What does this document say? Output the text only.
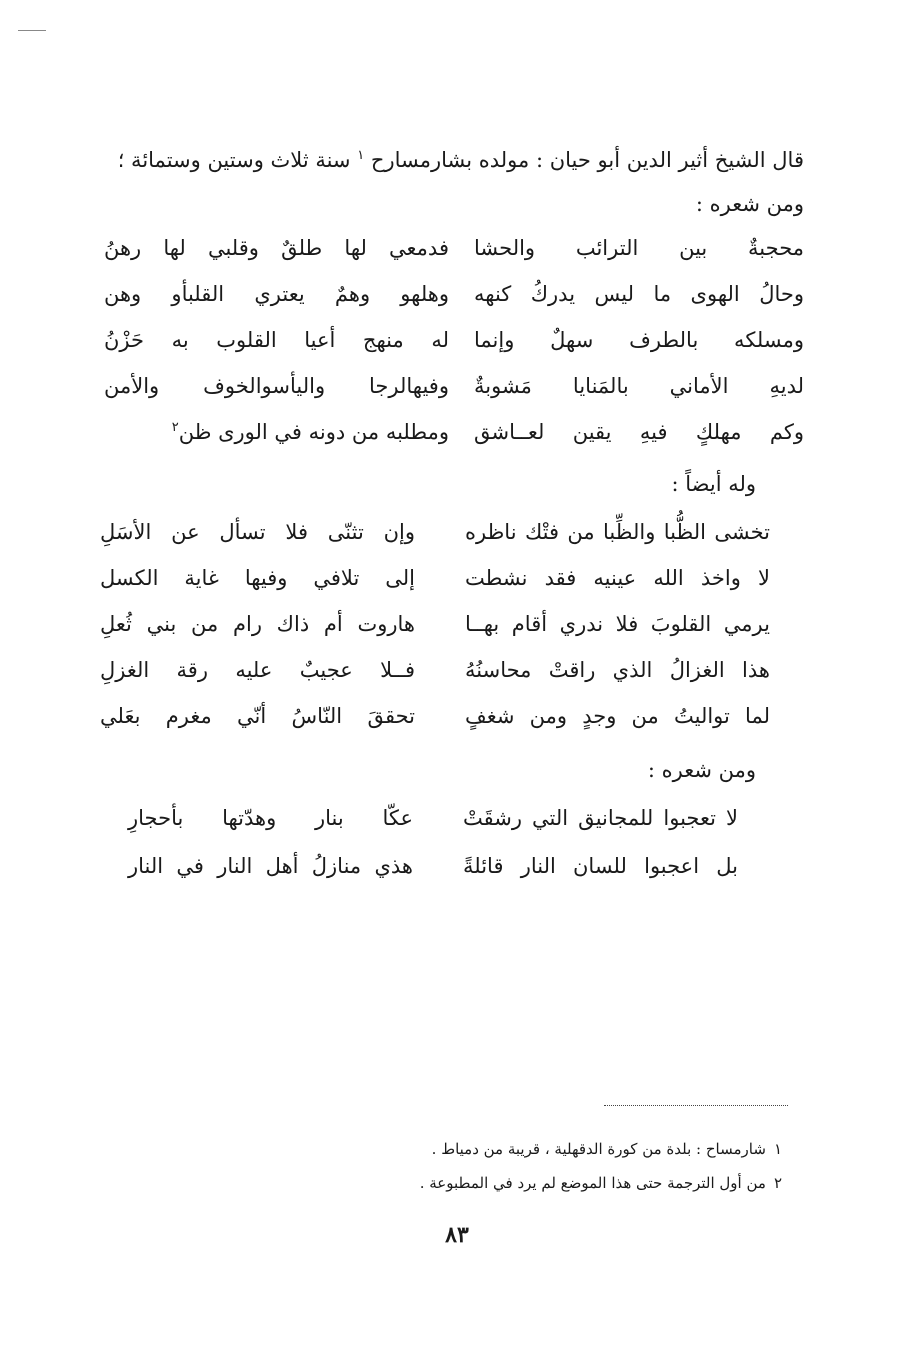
قال الشيخ أثير الدين أبو حيان : مولده بشارمسارح $^١$ سنة ثلاث وستين وستمائة ؛
ومن شعره :
محجبةٌ بين الترائب والحشا
فدمعي لها طلقٌ وقلبي لها رهنُ
وحالُ الهوى ما ليس يدركُ كنهه
وهلهو وهمٌ يعتري القلبأو وهن
ومسلكه بالطرف سهلٌ وإنما
له منهج أعيا القلوب به حَزْنُ
لديهِ الأماني بالمَنايا مَشوبةٌ
وفيهالرجا واليأسوالخوف والأمن
وكم مهلكٍ فيهِ يقين لعــاشق
ومطلبه من دونه في الورى ظن$^٢$
وله أيضاً :
تخشى الظُّبا والظِّبا من فتْك ناظره
وإن تثنّى فلا تسأل عن الأسَلِ
لا واخذ الله عينيه فقد نشطت
إلى تلافي وفيها غاية الكسل
يرمي القلوبَ فلا ندري أقام بهــا
هاروت أم ذاك رام من بني ثُعلِ
هذا الغزالُ الذي راقتْ محاسنُهُ
فــلا عجيبٌ عليه رقة الغزلِ
لما تواليتُ من وجدٍ ومن شغفٍ
تحققَ النّاسُ أنّي مغرم بعَلي
ومن شعره :
لا تعجبوا للمجانيق التي رشقَتْ
عكّا بنار وهدّتها بأحجارِ
بل اعجبوا للسان النار قائلةً
هذي منازلُ أهل النار في النار
١شارمساح : بلدة من كورة الدقهلية ، قريبة من دمياط .
٢من أول الترجمة حتى هذا الموضع لم يرد في المطبوعة .
٨٣
